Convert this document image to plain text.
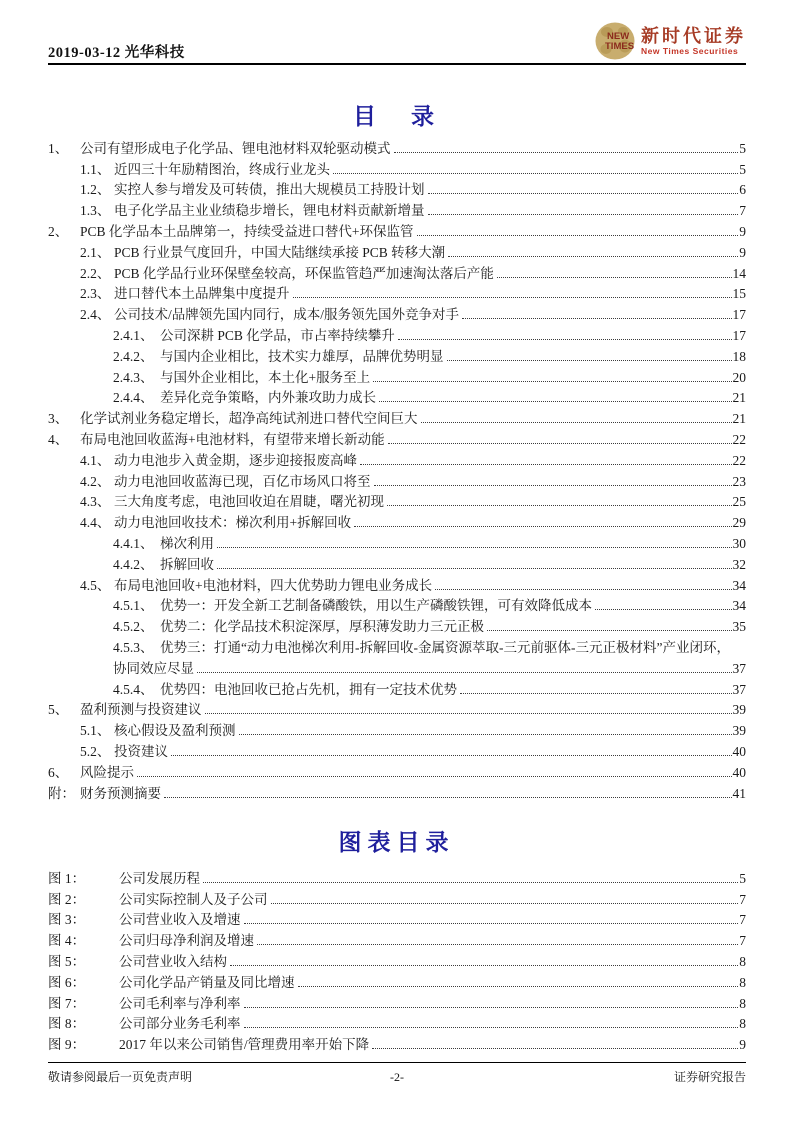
2019-03-12 光华科技
NEW
TIMES
新时代证券
New Times Securities
目　录
1、 公司有望形成电子化学品、锂电池材料双轮驱动模式	5
1.1、 近四三十年励精图治，终成行业龙头	5
1.2、 实控人参与增发及可转债，推出大规模员工持股计划	6
1.3、 电子化学品主业业绩稳步增长，锂电材料贡献新增量	7
2、 PCB 化学品本土品牌第一，持续受益进口替代+环保监管	9
2.1、 PCB 行业景气度回升，中国大陆继续承接 PCB 转移大潮	9
2.2、 PCB 化学品行业环保壁垒较高，环保监管趋严加速淘汰落后产能	14
2.3、 进口替代本土品牌集中度提升	15
2.4、 公司技术/品牌领先国内同行，成本/服务领先国外竞争对手	17
2.4.1、 公司深耕 PCB 化学品，市占率持续攀升	17
2.4.2、 与国内企业相比，技术实力雄厚，品牌优势明显	18
2.4.3、 与国外企业相比，本土化+服务至上	20
2.4.4、 差异化竞争策略，内外兼攻助力成长	21
3、 化学试剂业务稳定增长，超净高纯试剂进口替代空间巨大	21
4、 布局电池回收蓝海+电池材料，有望带来增长新动能	22
4.1、 动力电池步入黄金期，逐步迎接报废高峰	22
4.2、 动力电池回收蓝海已现，百亿市场风口将至	23
4.3、 三大角度考虑，电池回收迫在眉睫，曙光初现	25
4.4、 动力电池回收技术：梯次利用+拆解回收	29
4.4.1、 梯次利用	30
4.4.2、 拆解回收	32
4.5、 布局电池回收+电池材料，四大优势助力锂电业务成长	34
4.5.1、 优势一：开发全新工艺制备磷酸铁，用以生产磷酸铁锂，可有效降低成本	34
4.5.2、 优势二：化学品技术积淀深厚，厚积薄发助力三元正极	35
4.5.3、 优势三：打通“动力电池梯次利用-拆解回收-金属资源萃取-三元前驱体-三元正极材料”产业闭环，
协同效应尽显	37
4.5.4、 优势四：电池回收已抢占先机，拥有一定技术优势	37
5、 盈利预测与投资建议	39
5.1、 核心假设及盈利预测	39
5.2、 投资建议	40
6、 风险提示	40
附： 财务预测摘要	41
图表目录
图 1：	公司发展历程	5
图 2：	公司实际控制人及子公司	7
图 3：	公司营业收入及增速	7
图 4：	公司归母净利润及增速	7
图 5：	公司营业收入结构	8
图 6：	公司化学品产销量及同比增速	8
图 7：	公司毛利率与净利率	8
图 8：	公司部分业务毛利率	8
图 9：	2017 年以来公司销售/管理费用率开始下降	9
敬请参阅最后一页免责声明	-2-	证券研究报告
